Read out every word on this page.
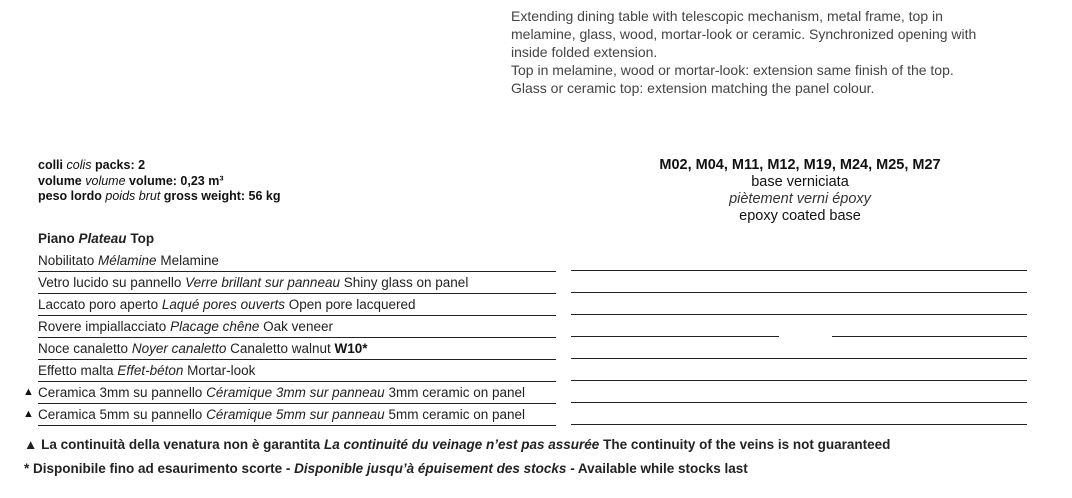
Extending dining table with telescopic mechanism, metal frame, top in
melamine, glass, wood, mortar-look or ceramic. Synchronized opening with
inside folded extension.
Top in melamine, wood or mortar-look: extension same finish of the top.
Glass or ceramic top: extension matching the panel colour.
colli colis packs: 2
volume volume volume: 0,23 m³
peso lordo poids brut gross weight: 56 kg
M02, M04, M11, M12, M19, M24, M25, M27
base verniciata
piètement verni époxy
epoxy coated base
Piano Plateau Top
Nobilitato Mélamine Melamine
Vetro lucido su pannello Verre brillant sur panneau Shiny glass on panel
Laccato poro aperto Laqué pores ouverts Open pore lacquered
Rovere impiallacciato Placage chêne Oak veneer
Noce canaletto Noyer canaletto Canaletto walnut W10*
Effetto malta Effet-béton Mortar-look
▲ Ceramica 3mm su pannello Céramique 3mm sur panneau 3mm ceramic on panel
▲ Ceramica 5mm su pannello Céramique 5mm sur panneau 5mm ceramic on panel
▲ La continuità della venatura non è garantita La continuité du veinage n’est pas assurée The continuity of the veins is not guaranteed
* Disponibile fino ad esaurimento scorte - Disponible jusqu’à épuisement des stocks - Available while stocks last
